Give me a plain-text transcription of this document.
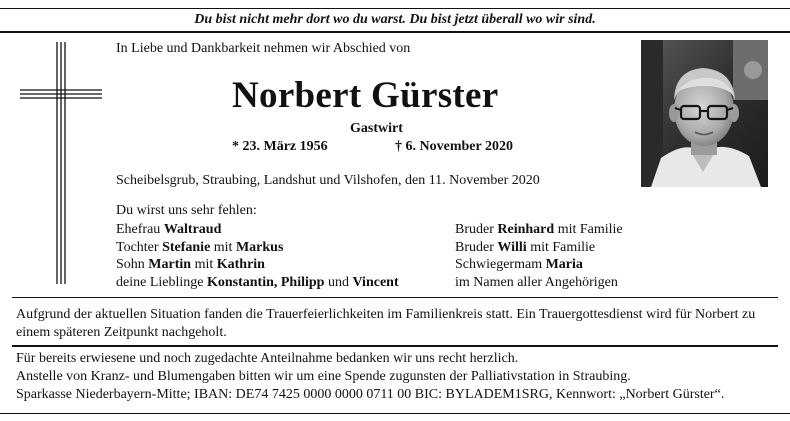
Du bist nicht mehr dort wo du warst. Du bist jetzt überall wo wir sind.
In Liebe und Dankbarkeit nehmen wir Abschied von
Norbert Gürster
Gastwirt
* 23. März 1956	† 6. November 2020
Scheibelsgrub, Straubing, Landshut und Vilshofen, den 11. November 2020
Du wirst uns sehr fehlen:
Ehefrau Waltraud
Tochter Stefanie mit Markus
Sohn Martin mit Kathrin
deine Lieblinge Konstantin, Philipp und Vincent
Bruder Reinhard mit Familie
Bruder Willi mit Familie
Schwiegermam Maria
im Namen aller Angehörigen
Aufgrund der aktuellen Situation fanden die Trauerfeierlichkeiten im Familienkreis statt. Ein Trauergottesdienst wird für Norbert zu einem späteren Zeitpunkt nachgeholt.
Für bereits erwiesene und noch zugedachte Anteilnahme bedanken wir uns recht herzlich.
Anstelle von Kranz- und Blumengaben bitten wir um eine Spende zugunsten der Palliativstation in Straubing.
Sparkasse Niederbayern-Mitte; IBAN: DE74 7425 0000 0000 0711 00 BIC: BYLADEM1SRG, Kennwort: „Norbert Gürster“.
